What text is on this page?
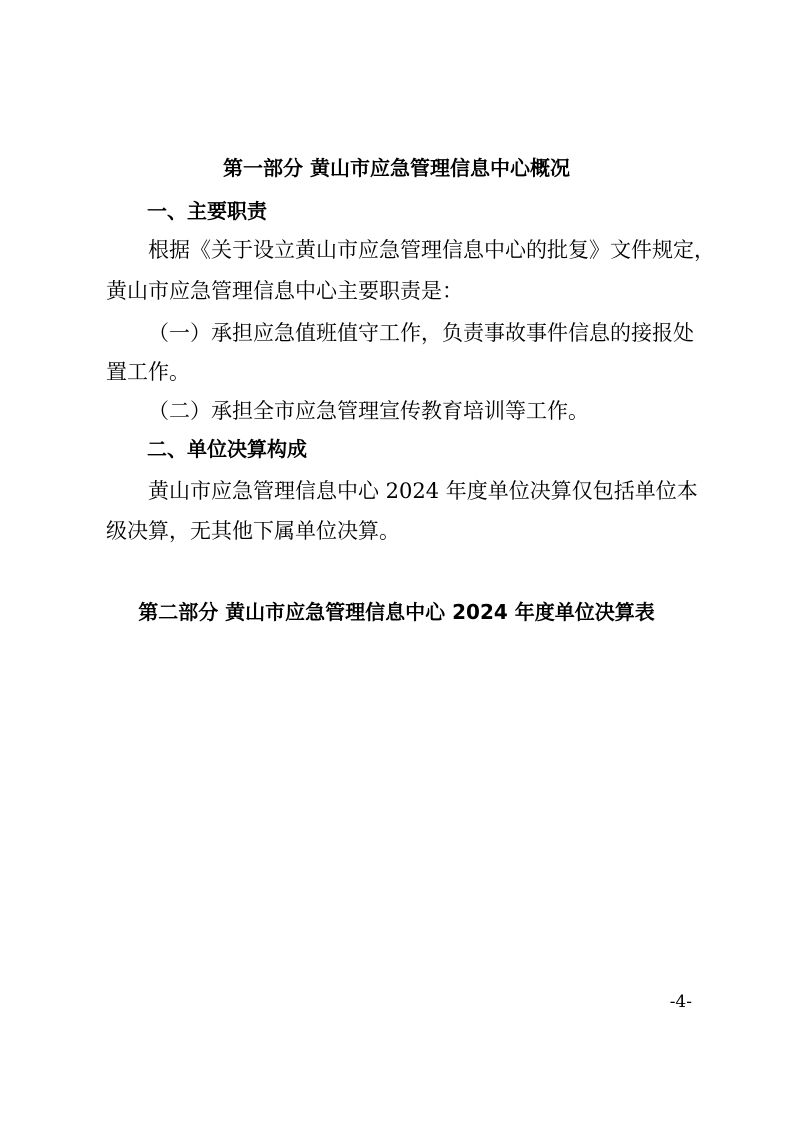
第一部分 黄山市应急管理信息中心概况
一、主要职责
根据《关于设立黄山市应急管理信息中心的批复》文件规定，
黄山市应急管理信息中心主要职责是：
（一）承担应急值班值守工作，负责事故事件信息的接报处
置工作。
（二）承担全市应急管理宣传教育培训等工作。
二、单位决算构成
黄山市应急管理信息中心 2024 年度单位决算仅包括单位本
级决算，无其他下属单位决算。
第二部分 黄山市应急管理信息中心 2024 年度单位决算表
-4-
